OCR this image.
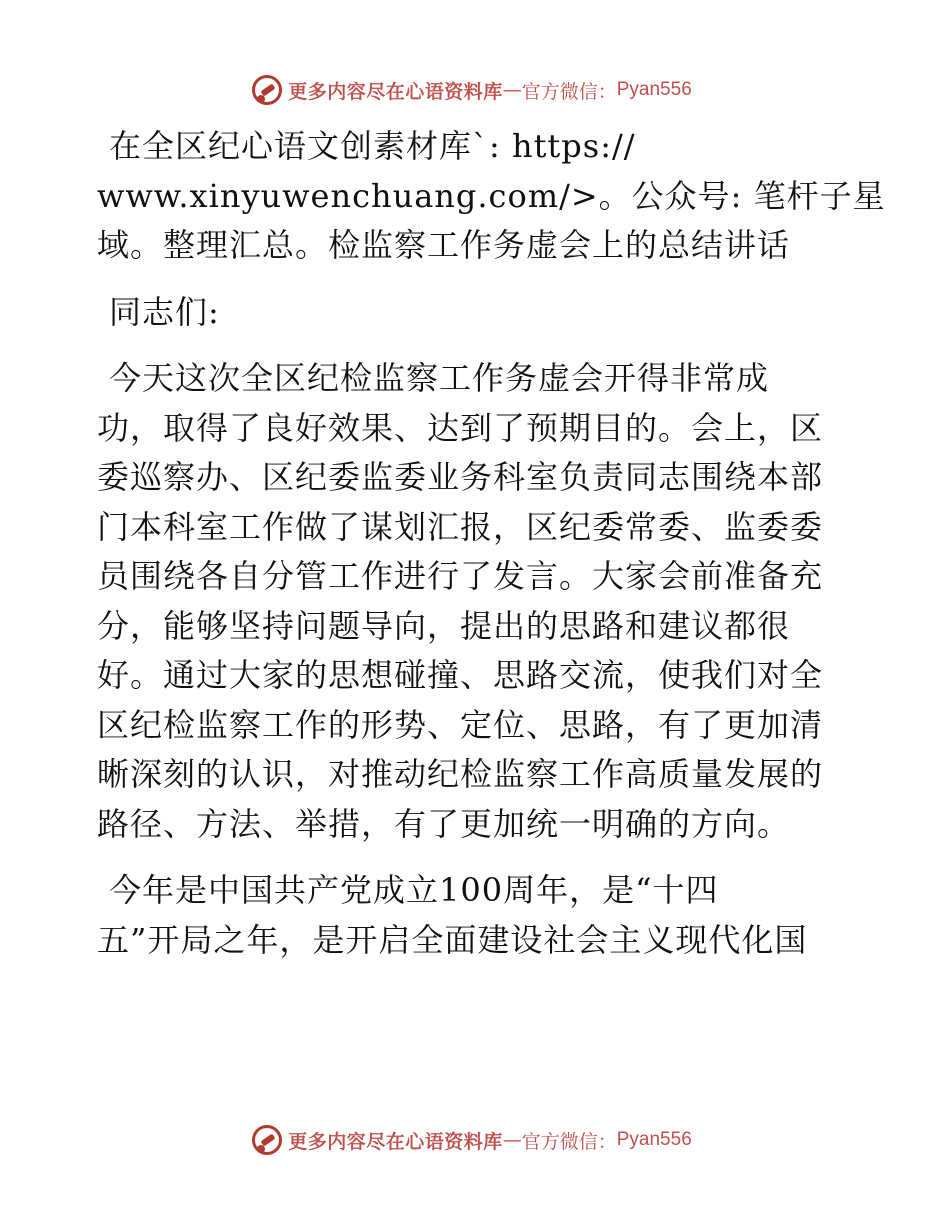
更多内容尽在心语资料库 — 官方微信： Pyan556

在全区纪心语文创素材库`: https://
www.xinyuwenchuang.com/>。公众号: 笔杆子星
域。整理汇总。检监察工作务虚会上的总结讲话

同志们:

今天这次全区纪检监察工作务虚会开得非常成
功，取得了良好效果、达到了预期目的。会上，区
委巡察办、区纪委监委业务科室负责同志围绕本部
门本科室工作做了谋划汇报，区纪委常委、监委委
员围绕各自分管工作进行了发言。大家会前准备充
分，能够坚持问题导向，提出的思路和建议都很
好。通过大家的思想碰撞、思路交流，使我们对全
区纪检监察工作的形势、定位、思路，有了更加清
晰深刻的认识，对推动纪检监察工作高质量发展的
路径、方法、举措，有了更加统一明确的方向。

今年是中国共产党成立100周年，是“十四
五”开局之年，是开启全面建设社会主义现代化国

更多内容尽在心语资料库 — 官方微信： Pyan556
